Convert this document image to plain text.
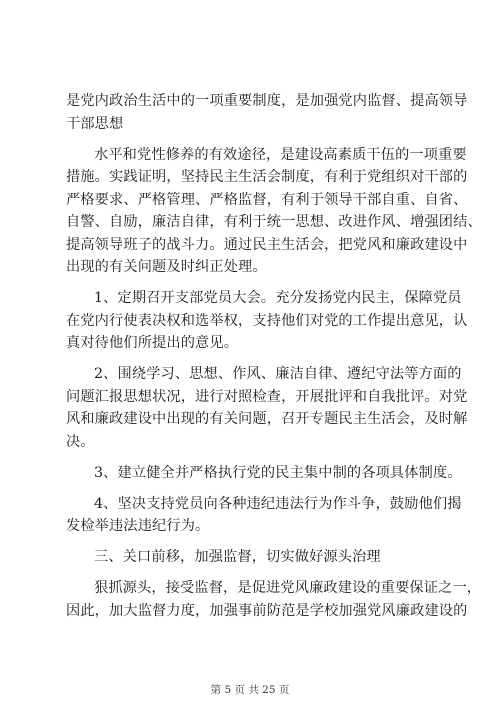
是党内政治生活中的一项重要制度，是加强党内监督、提高领导
干部思想
水平和党性修养的有效途径，是建设高素质干伍的一项重要
措施。实践证明，坚持民主生活会制度，有利于党组织对干部的
严格要求、严格管理、严格监督，有利于领导干部自重、自省、
自警、自励，廉洁自律，有利于统一思想、改进作风、增强团结、
提高领导班子的战斗力。通过民主生活会，把党风和廉政建设中
出现的有关问题及时纠正处理。
1、定期召开支部党员大会。充分发扬党内民主，保障党员
在党内行使表决权和选举权，支持他们对党的工作提出意见，认
真对待他们所提出的意见。
2、围绕学习、思想、作风、廉洁自律、遵纪守法等方面的
问题汇报思想状况，进行对照检查，开展批评和自我批评。对党
风和廉政建设中出现的有关问题，召开专题民主生活会，及时解
决。
3、建立健全并严格执行党的民主集中制的各项具体制度。
4、坚决支持党员向各种违纪违法行为作斗争，鼓励他们揭
发检举违法违纪行为。
三、关口前移，加强监督，切实做好源头治理
狠抓源头，接受监督，是促进党风廉政建设的重要保证之一，
因此，加大监督力度，加强事前防范是学校加强党风廉政建设的
第 5 页 共 25 页
